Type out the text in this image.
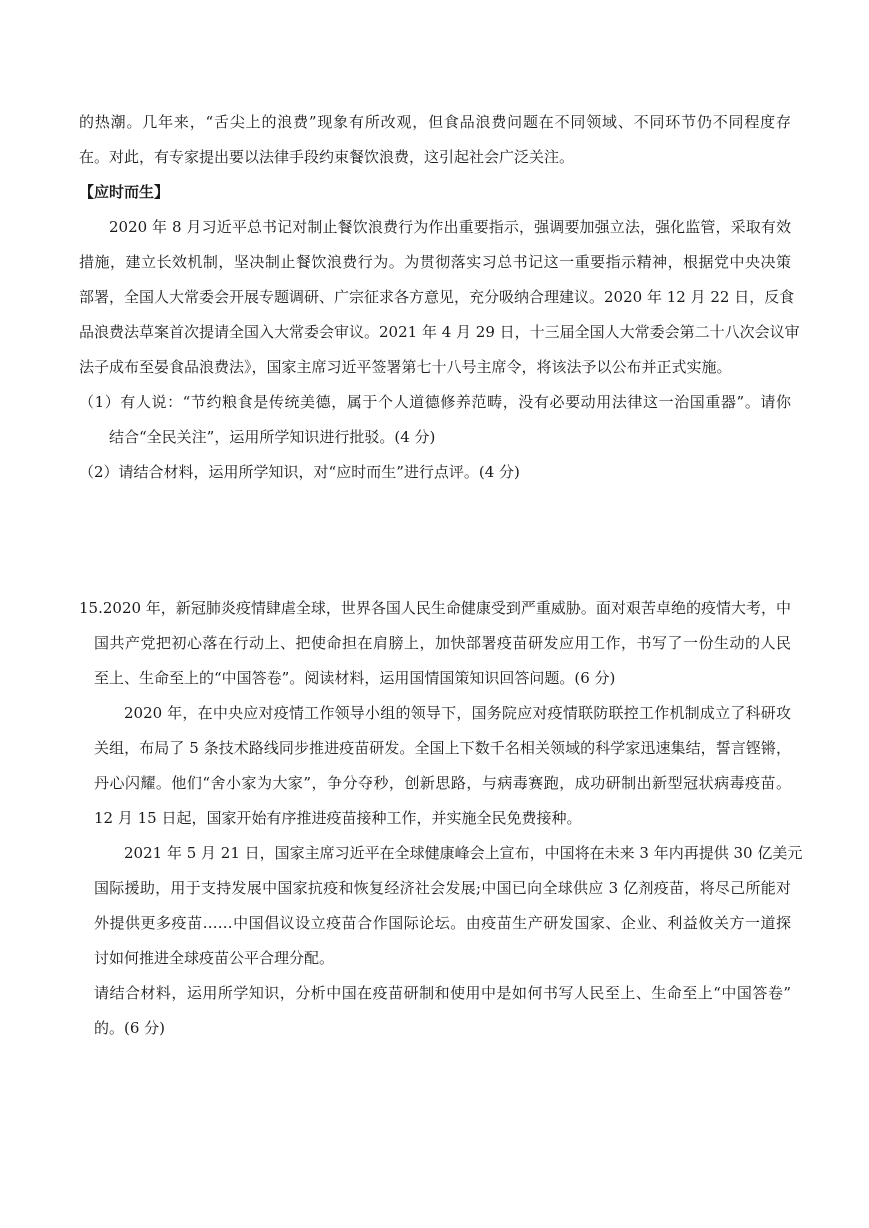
的热潮。几年来，“舌尖上的浪费”现象有所改观，但食品浪费问题在不同领域、不同环节仍不同程度存
在。对此，有专家提出要以法律手段约束餐饮浪费，这引起社会广泛关注。
【应时而生】
2020 年 8 月习近平总书记对制止餐饮浪费行为作出重要指示，强调要加强立法，强化监管，采取有效
措施，建立长效机制，坚决制止餐饮浪费行为。为贯彻落实习总书记这一重要指示精神，根据党中央决策
部署，全国人大常委会开展专题调研、广宗征求各方意见，充分吸纳合理建议。2020 年 12 月 22 日，反食
品浪费法草案首次提请全国入大常委会审议。2021 年 4 月 29 日，十三届全国人大常委会第二十八次会议审
法子成布至晏食品浪费法》，国家主席习近平签署第七十八号主席令，将该法予以公布并正式实施。
（1）有人说：“节约粮食是传统美德，属于个人道德修养范畴，没有必要动用法律这一治国重器”。请你
结合“全民关注”，运用所学知识进行批驳。(4 分)
（2）请结合材料，运用所学知识，对“应时而生”进行点评。(4 分)
15.2020 年，新冠肺炎疫情肆虐全球，世界各国人民生命健康受到严重威胁。面对艰苦卓绝的疫情大考，中
国共产党把初心落在行动上、把使命担在肩膀上，加快部署疫苗研发应用工作，书写了一份生动的人民
至上、生命至上的“中国答卷”。阅读材料，运用国情国策知识回答问题。(6 分)
2020 年，在中央应对疫情工作领导小组的领导下，国务院应对疫情联防联控工作机制成立了科研攻
关组，布局了 5 条技术路线同步推进疫苗研发。全国上下数千名相关领域的科学家迅速集结，誓言铿锵，
丹心闪耀。他们“舍小家为大家”，争分夺秒，创新思路，与病毒赛跑，成功研制出新型冠状病毒疫苗。
12 月 15 日起，国家开始有序推进疫苗接种工作，并实施全民免费接种。
2021 年 5 月 21 日，国家主席习近平在全球健康峰会上宣布，中国将在未来 3 年内再提供 30 亿美元
国际援助，用于支持发展中国家抗疫和恢复经济社会发展;中国已向全球供应 3 亿剂疫苗，将尽己所能对
外提供更多疫苗……中国倡议设立疫苗合作国际论坛。由疫苗生产研发国家、企业、利益攸关方一道探
讨如何推进全球疫苗公平合理分配。
请结合材料，运用所学知识，分析中国在疫苗研制和使用中是如何书写人民至上、生命至上“中国答卷”
的。(6 分)
